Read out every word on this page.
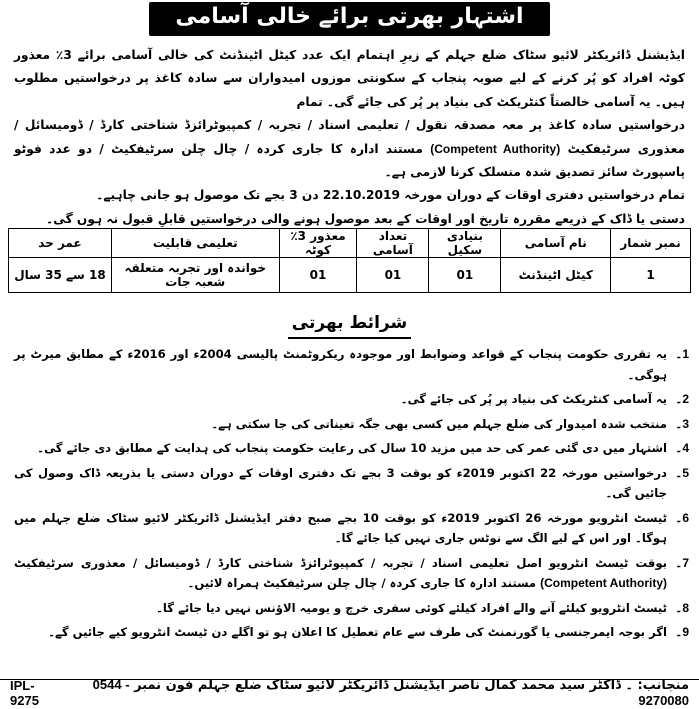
اشتہار بھرتی برائے خالی آسامی

ایڈیشنل ڈائریکٹر لائیو سٹاک ضلع جہلم کے زیرِ اہتمام ایک عدد کیٹل اٹینڈنٹ کی خالی آسامی برائے 3٪ معذور کوٹہ افراد کو پُر کرنے کے لیے صوبہ پنجاب کے سکونتی موزوں امیدواران سے سادہ کاغذ پر درخواستیں مطلوب ہیں۔ یہ آسامی خالصتاً کنٹریکٹ کی بنیاد پر پُر کی جائے گی۔ تمام

درخواستیں سادہ کاغذ پر معہ مصدقہ نقول / تعلیمی اسناد / تجربہ / کمپیوٹرائزڈ شناختی کارڈ / ڈومیسائل / معذوری سرٹیفکیٹ (Competent Authority) مستند ادارہ کا جاری کردہ / چال چلن سرٹیفکیٹ / دو عدد فوٹو پاسپورٹ سائز تصدیق شدہ منسلک کرنا لازمی ہے۔

تمام درخواستیں دفتری اوقات کے دوران مورخہ 22.10.2019 دن 3 بجے تک موصول ہو جانی چاہیے۔

دستی یا ڈاک کے ذریعے مقررہ تاریخ اور اوقات کے بعد موصول ہونے والی درخواستیں قابلِ قبول نہ ہوں گی۔

نمبر شمار	نام آسامی	بنیادی سکیل	تعداد آسامی	معذور 3٪ کوٹہ	تعلیمی قابلیت	عمر حد
1	کیٹل اٹینڈنٹ	01	01	01	خواندہ اور تجربہ متعلقہ شعبہ جات	18 سے 35 سال
شرائط بھرتی
1۔
یہ تقرری حکومت پنجاب کے قواعد وضوابط اور موجودہ ریکروٹمنٹ پالیسی 2004ء اور 2016ء کے مطابق میرٹ پر ہوگی۔
2۔
یہ آسامی کنٹریکٹ کی بنیاد پر پُر کی جائے گی۔
3۔
منتخب شدہ امیدوار کی ضلع جہلم میں کسی بھی جگہ تعیناتی کی جا سکتی ہے۔
4۔
اشتہار میں دی گئی عمر کی حد میں مزید 10 سال کی رعایت حکومت پنجاب کی ہدایت کے مطابق دی جائے گی۔
5۔
درخواستیں مورخہ 22 اکتوبر 2019ء کو بوقت 3 بجے تک دفتری اوقات کے دوران دستی یا بذریعہ ڈاک وصول کی جائیں گی۔
6۔
ٹیسٹ انٹرویو مورخہ 26 اکتوبر 2019ء کو بوقت 10 بجے صبح دفتر ایڈیشنل ڈائریکٹر لائیو سٹاک ضلع جہلم میں ہوگا۔ اور اس کے لیے الگ سے نوٹس جاری نہیں کیا جائے گا۔
7۔
بوقت ٹیسٹ انٹرویو اصل تعلیمی اسناد / تجربہ / کمپیوٹرائزڈ شناختی کارڈ / ڈومیسائل / معذوری سرٹیفکیٹ (Competent Authority) مستند ادارہ کا جاری کردہ / چال چلن سرٹیفکیٹ ہمراہ لائیں۔
8۔
ٹیسٹ انٹرویو کیلئے آنے والے افراد کیلئے کوئی سفری خرچ و یومیہ الاؤنس نہیں دیا جائے گا۔
9۔
اگر بوجہ ایمرجنسی یا گورنمنٹ کی طرف سے عام تعطیل کا اعلان ہو تو اگلے دن ٹیسٹ انٹرویو کیے جائیں گے۔
IPL-9275
منجانب: ۔ ڈاکٹر سید محمد کمال ناصر ایڈیشنل ڈائریکٹر لائیو سٹاک ضلع جہلم فون نمبر 0544 - 9270080
